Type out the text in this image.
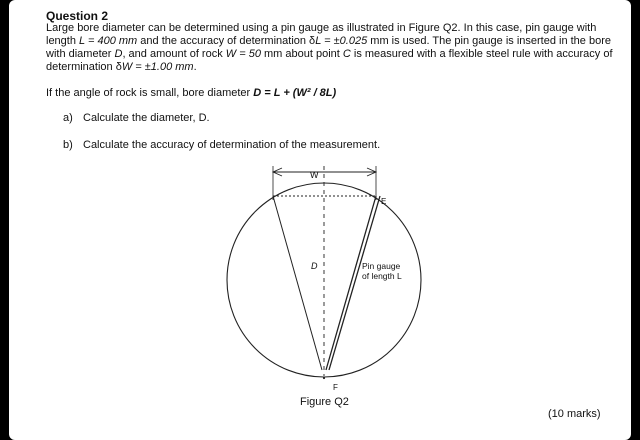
Question 2
Large bore diameter can be determined using a pin gauge as illustrated in Figure Q2. In this case, pin gauge with length L = 400 mm and the accuracy of determination δL = ±0.025 mm is used. The pin gauge is inserted in the bore with diameter D, and amount of rock W = 50 mm about point C is measured with a flexible steel rule with accuracy of determination δW = ±1.00 mm.
If the angle of rock is small, bore diameter D = L + (W² / 8L)
a) Calculate the diameter, D.
b) Calculate the accuracy of determination of the measurement.
W
E
D
F
Pin gauge
of length L
Figure Q2
(10 marks)
